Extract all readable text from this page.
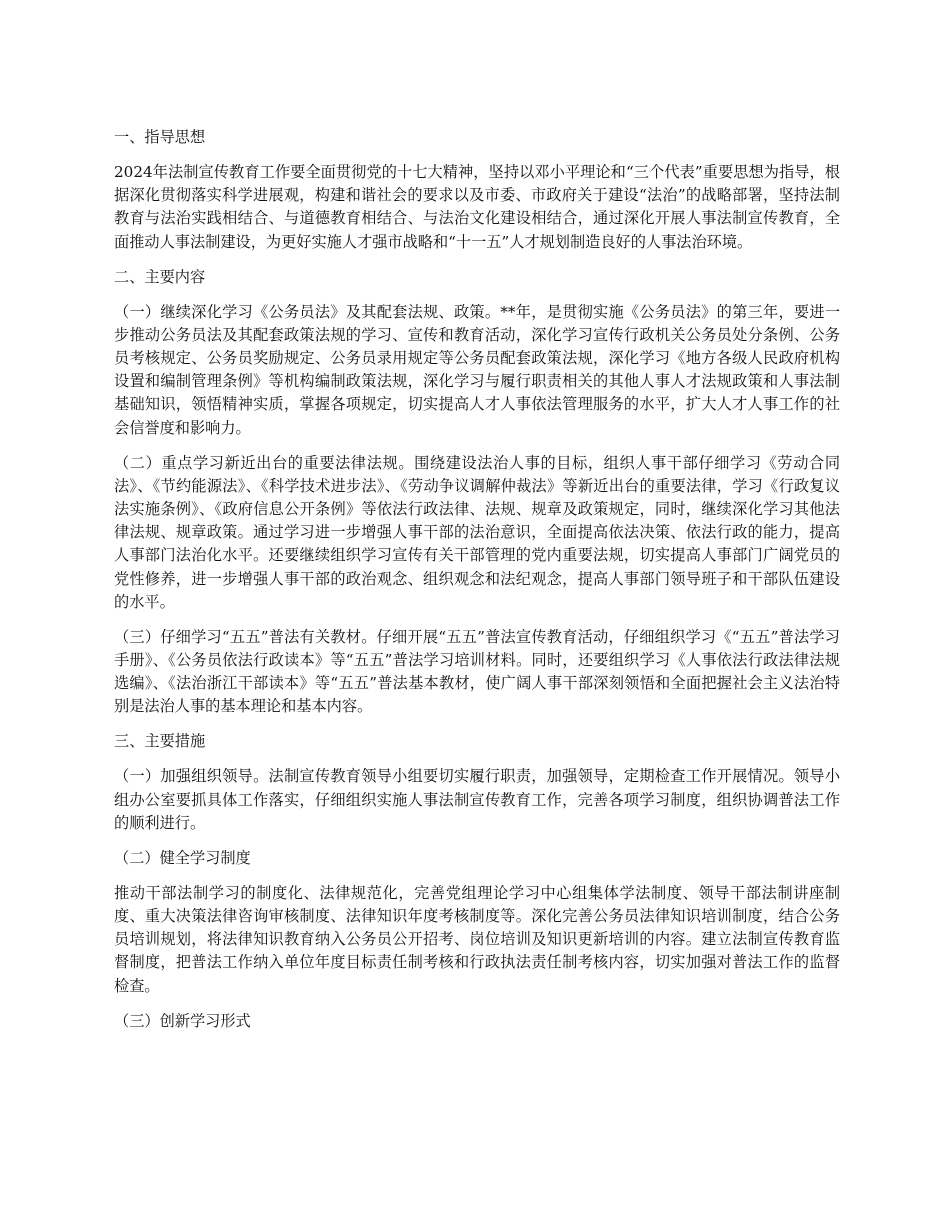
一、指导思想

2024年法制宣传教育工作要全面贯彻党的十七大精神，坚持以邓小平理论和“三个代表”重要思想为指导，根据深化贯彻落实科学进展观，构建和谐社会的要求以及市委、市政府关于建设“法治”的战略部署，坚持法制教育与法治实践相结合、与道德教育相结合、与法治文化建设相结合，通过深化开展人事法制宣传教育，全面推动人事法制建设，为更好实施人才强市战略和“十一五”人才规划制造良好的人事法治环境。

二、主要内容

（一）继续深化学习《公务员法》及其配套法规、政策。**年，是贯彻实施《公务员法》的第三年，要进一步推动公务员法及其配套政策法规的学习、宣传和教育活动，深化学习宣传行政机关公务员处分条例、公务员考核规定、公务员奖励规定、公务员录用规定等公务员配套政策法规，深化学习《地方各级人民政府机构设置和编制管理条例》等机构编制政策法规，深化学习与履行职责相关的其他人事人才法规政策和人事法制基础知识，领悟精神实质，掌握各项规定，切实提高人才人事依法管理服务的水平，扩大人才人事工作的社会信誉度和影响力。

（二）重点学习新近出台的重要法律法规。围绕建设法治人事的目标，组织人事干部仔细学习《劳动合同法》、《节约能源法》、《科学技术进步法》、《劳动争议调解仲裁法》等新近出台的重要法律，学习《行政复议法实施条例》、《政府信息公开条例》等依法行政法律、法规、规章及政策规定，同时，继续深化学习其他法律法规、规章政策。通过学习进一步增强人事干部的法治意识，全面提高依法决策、依法行政的能力，提高人事部门法治化水平。还要继续组织学习宣传有关干部管理的党内重要法规，切实提高人事部门广阔党员的党性修养，进一步增强人事干部的政治观念、组织观念和法纪观念，提高人事部门领导班子和干部队伍建设的水平。

（三）仔细学习“五五”普法有关教材。仔细开展“五五”普法宣传教育活动，仔细组织学习《“五五”普法学习手册》、《公务员依法行政读本》等“五五”普法学习培训材料。同时，还要组织学习《人事依法行政法律法规选编》、《法治浙江干部读本》等“五五”普法基本教材，使广阔人事干部深刻领悟和全面把握社会主义法治特别是法治人事的基本理论和基本内容。

三、主要措施

（一）加强组织领导。法制宣传教育领导小组要切实履行职责，加强领导，定期检查工作开展情况。领导小组办公室要抓具体工作落实，仔细组织实施人事法制宣传教育工作，完善各项学习制度，组织协调普法工作的顺利进行。

（二）健全学习制度

推动干部法制学习的制度化、法律规范化，完善党组理论学习中心组集体学法制度、领导干部法制讲座制度、重大决策法律咨询审核制度、法律知识年度考核制度等。深化完善公务员法律知识培训制度，结合公务员培训规划，将法律知识教育纳入公务员公开招考、岗位培训及知识更新培训的内容。建立法制宣传教育监督制度，把普法工作纳入单位年度目标责任制考核和行政执法责任制考核内容，切实加强对普法工作的监督检查。

（三）创新学习形式
